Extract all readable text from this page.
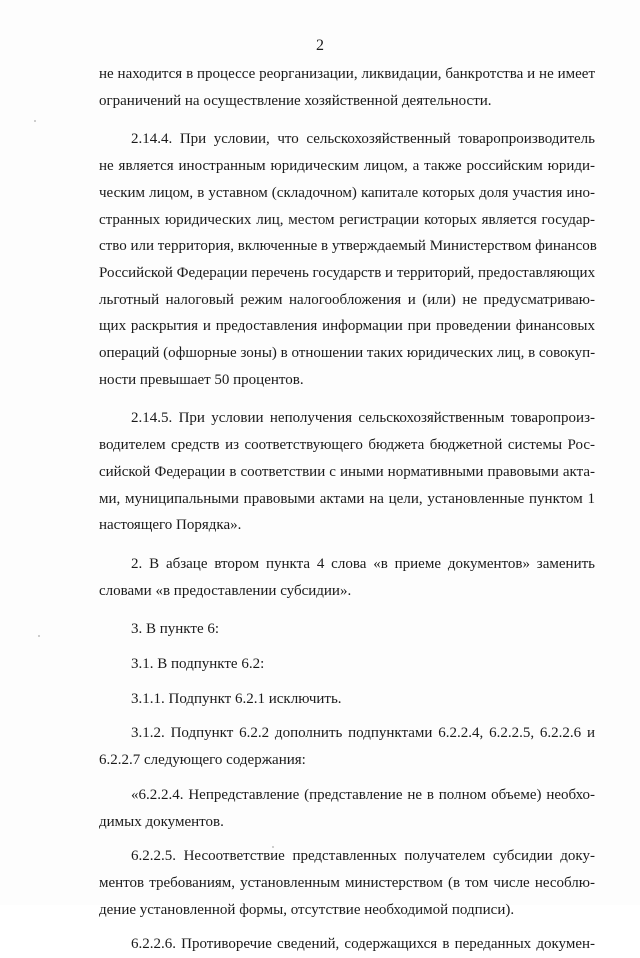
2
не находится в процессе реорганизации, ликвидации, банкротства и не имеет
ограничений на осуществление хозяйственной деятельности.
2.14.4. При условии, что сельскохозяйственный товаропроизводитель
не является иностранным юридическим лицом, а также российским юриди-
ческим лицом, в уставном (складочном) капитале которых доля участия ино-
странных юридических лиц, местом регистрации которых является государ-
ство или территория, включенные в утверждаемый Министерством финансов
Российской Федерации перечень государств и территорий, предоставляющих
льготный налоговый режим налогообложения и (или) не предусматриваю-
щих раскрытия и предоставления информации при проведении финансовых
операций (офшорные зоны) в отношении таких юридических лиц, в совокуп-
ности превышает 50 процентов.
2.14.5. При условии неполучения сельскохозяйственным товаропроиз-
водителем средств из соответствующего бюджета бюджетной системы Рос-
сийской Федерации в соответствии с иными нормативными правовыми акта-
ми, муниципальными правовыми актами на цели, установленные пунктом 1
настоящего Порядка».
2. В абзаце втором пункта 4 слова «в приеме документов» заменить
словами «в предоставлении субсидии».
3. В пункте 6:
3.1. В подпункте 6.2:
3.1.1. Подпункт 6.2.1 исключить.
3.1.2. Подпункт 6.2.2 дополнить подпунктами 6.2.2.4, 6.2.2.5, 6.2.2.6 и
6.2.2.7 следующего содержания:
«6.2.2.4. Непредставление (представление не в полном объеме) необхо-
димых документов.
6.2.2.5. Несоответствие представленных получателем субсидии доку-
ментов требованиям, установленным министерством (в том числе несоблю-
дение установленной формы, отсутствие необходимой подписи).
6.2.2.6. Противоречие сведений, содержащихся в переданных докумен-
